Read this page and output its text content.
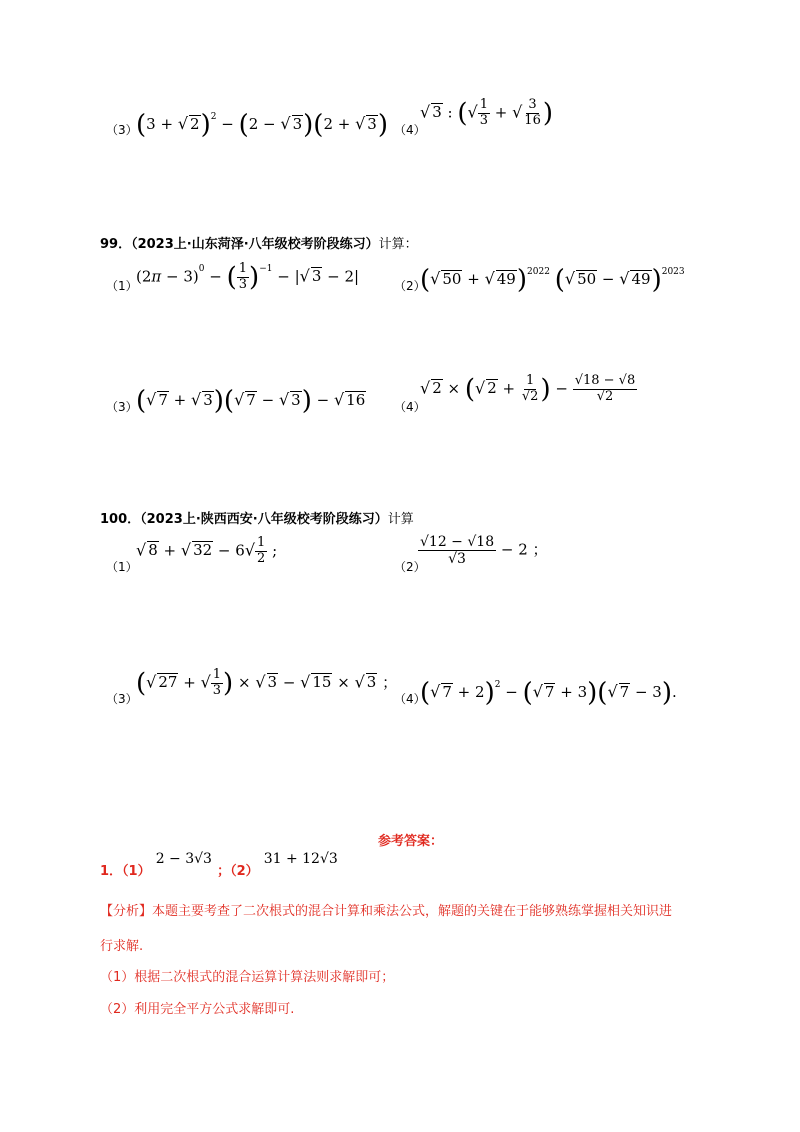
（3）
(3 + √ 2)$^2$ − (2 − √ 3)(2 + √ 3) （4）
√ 3 : (√ $\frac{1}{3}$ + √ $\frac{3}{16}$ )
99．（2023上·山东菏泽·八年级校考阶段练习）计算：
（1）
$(2\pi - 3)^0$ − ( $\frac{1}{3} )^{-1}$ − |√ 3 − 2|
（2）
(√ 50 + √ 49)$^{2022}$ (√ 50 − √ 49)$^{2023}$
（3）
(√ 7 + √ 3)(√ 7 − √ 3) − √ 16 （4）
√ 2 × (√ $2 + \frac{1}{√2}$ ) − $\frac{√18 - √8}{√2}$
100．（2023上·陕西西安·八年级校考阶段练习）计算
（1）
√ 8 + √ $32 - 6√ \frac{1}{2}$ ;
（2）
$\frac{√12 - √18}{√3} - 2$ ；
（3）
(√ 27 + √ $\frac{1}{3}$ ) × √ 3 − √ 15 × √ 3 ；
（4）
(√ 7 + 2)$^2$ − (√ 7 + 3)(√ 7 − 3).
参考答案：
$_{1.(1)}$ 2 − 3√3 $_{;(2)}$ 31 + 12√3
【分析】本题主要考查了二次根式的混合计算和乘法公式，解题的关键在于能够熟练掌握相关知识进
行求解.
（1）根据二次根式的混合运算计算法则求解即可；
（2）利用完全平方公式求解即可.
